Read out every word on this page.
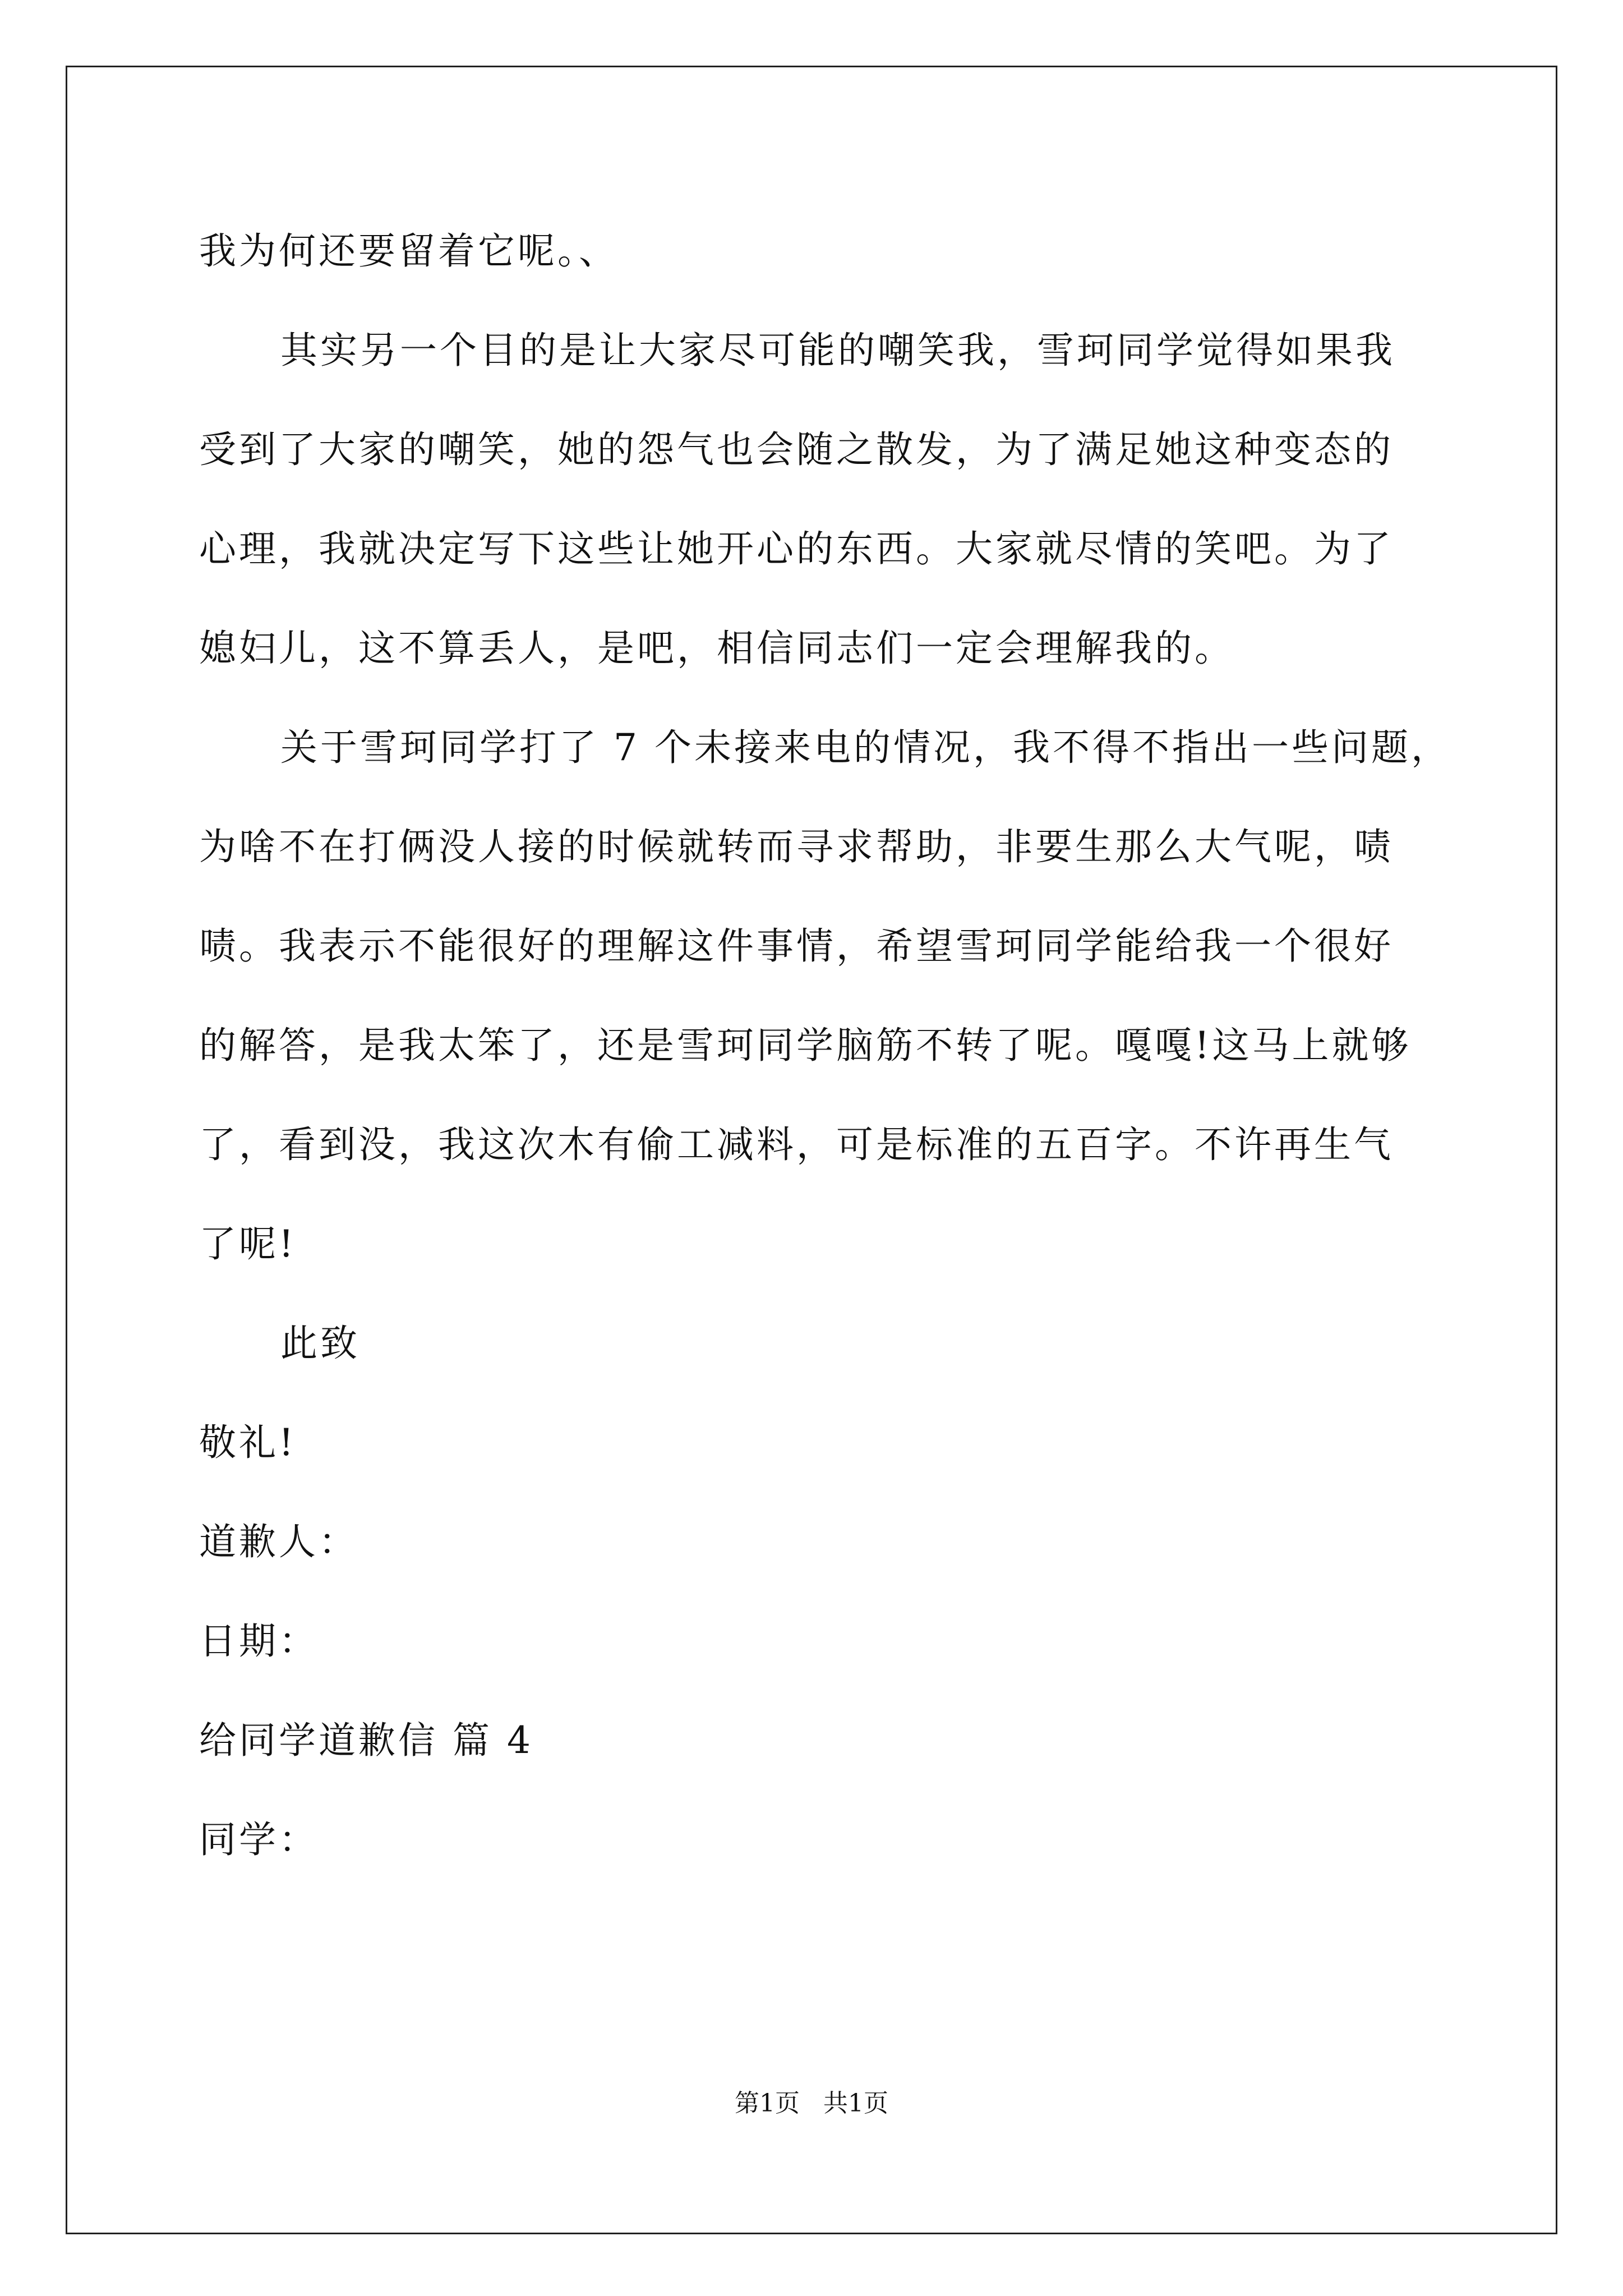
我为何还要留着它呢。、
其实另一个目的是让大家尽可能的嘲笑我，雪珂同学觉得如果我
受到了大家的嘲笑，她的怨气也会随之散发，为了满足她这种变态的
心理，我就决定写下这些让她开心的东西。大家就尽情的笑吧。为了
媳妇儿，这不算丢人，是吧，相信同志们一定会理解我的。
关于雪珂同学打了 7 个未接来电的情况，我不得不指出一些问题，
为啥不在打俩没人接的时候就转而寻求帮助，非要生那么大气呢，啧
啧。我表示不能很好的理解这件事情，希望雪珂同学能给我一个很好
的解答，是我太笨了，还是雪珂同学脑筋不转了呢。嘎嘎!这马上就够
了，看到没，我这次木有偷工减料，可是标准的五百字。不许再生气
了呢!
此致
敬礼!
道歉人：
日期：
给同学道歉信 篇 4
同学：
第1页   共1页
